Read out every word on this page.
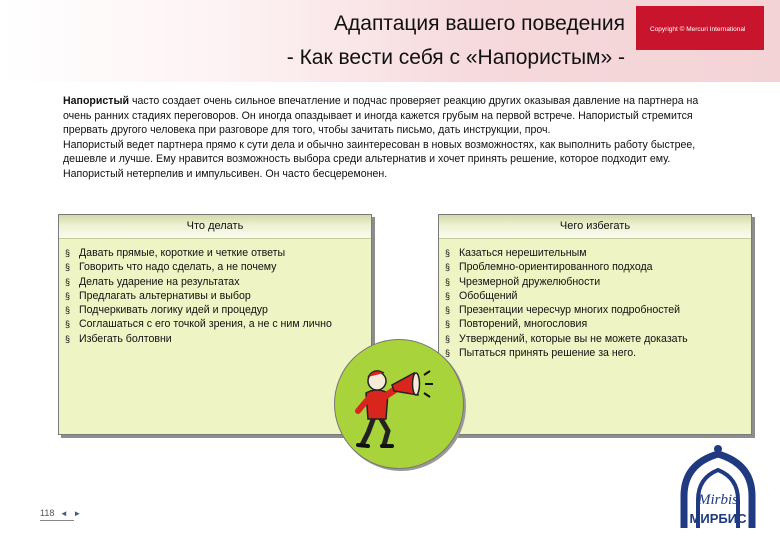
Copyright © Mercuri International
Адаптация вашего поведения
- Как вести себя с «Напористым» -

Напористый часто создает очень сильное впечатление и подчас проверяет реакцию других оказывая давление на партнера на очень ранних стадиях переговоров. Он иногда опаздывает и иногда кажется грубым на первой встрече. Напористый стремится прервать другого человека при разговоре для того, чтобы зачитать письмо, дать инструкции, проч.

Напористый ведет партнера прямо к сути дела и обычно заинтересован в новых возможностях, как выполнить работу быстрее, дешевле и лучше. Ему нравится возможность выбора среди альтернатив и хочет принять решение, которое подходит ему. Напористый нетерпелив и импульсивен. Он часто бесцеремонен.

Что делать
§ Давать прямые, короткие и четкие ответы
§ Говорить что надо сделать, а не почему
§ Делать ударение на результатах
§ Предлагать альтернативы и выбор
§ Подчеркивать логику идей и процедур
§ Соглашаться с его точкой зрения, а не с ним лично
§ Избегать болтовни
Чего избегать
§ Казаться нерешительным
§ Проблемно-ориентированного подхода
§ Чрезмерной дружелюбности
§ Обобщений
§ Презентации чересчур многих подробностей
§ Повторений, многословия
§ Утверждений, которые вы не можете доказать
§ Пытаться принять решение за него.
118 ◄ ►
Mirbis
МИРБИС
